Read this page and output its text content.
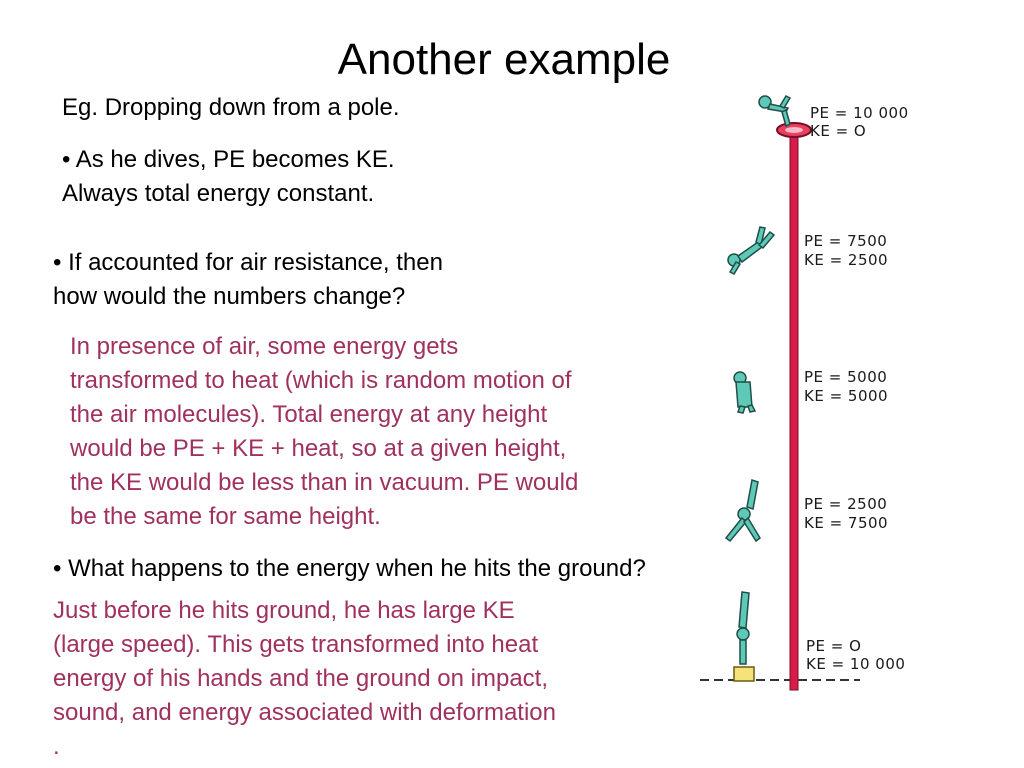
Another example

Eg. Dropping down from a pole.

• As he dives, PE becomes KE.

Always total energy constant.

• If accounted for air resistance, then

how would the numbers change?

In presence of air, some energy gets

transformed to heat (which is random motion of

the air molecules). Total energy at any height

would be PE + KE + heat, so at a given height,

the KE would be less than in vacuum. PE would

be the same for same height.

• What happens to the energy when he hits the ground?

Just before he hits ground, he has large KE

(large speed). This gets transformed into heat

energy of his hands and the ground on impact,

sound, and energy associated with deformation

.

PE = 10 000
KE = O
PE = 7500
KE = 2500
PE = 5000
KE = 5000
PE = 2500
KE = 7500
PE = O
KE = 10 000
